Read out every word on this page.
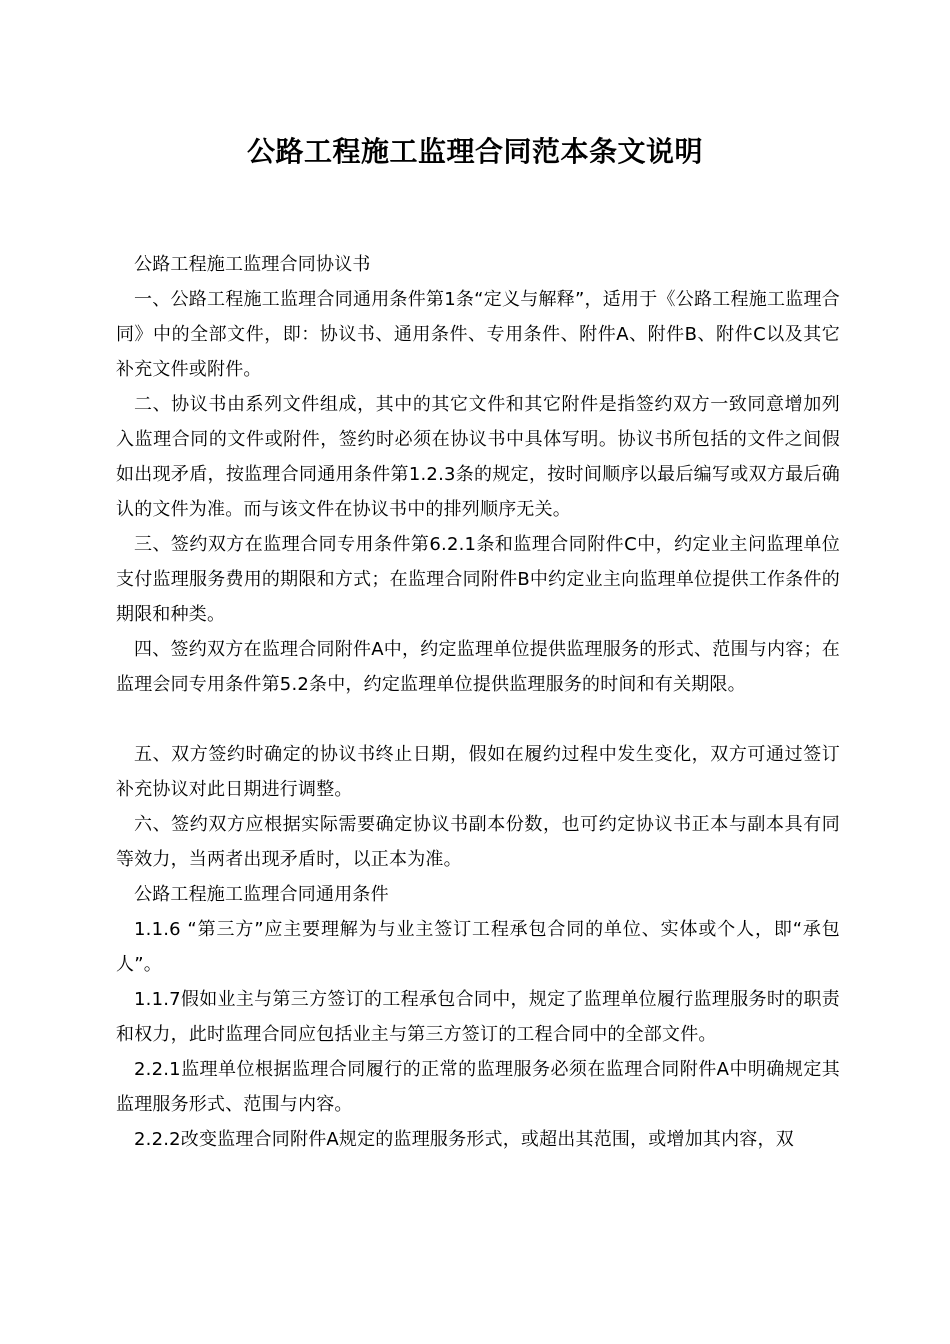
公路工程施工监理合同范本条文说明

公路工程施工监理合同协议书

一、公路工程施工监理合同通用条件第1条“定义与解释”，适用于《公路工程施工监理合同》中的全部文件，即：协议书、通用条件、专用条件、附件A、附件B、附件C以及其它补充文件或附件。

二、协议书由系列文件组成，其中的其它文件和其它附件是指签约双方一致同意增加列入监理合同的文件或附件，签约时必须在协议书中具体写明。协议书所包括的文件之间假如出现矛盾，按监理合同通用条件第1.2.3条的规定，按时间顺序以最后编写或双方最后确认的文件为准。而与该文件在协议书中的排列顺序无关。

三、签约双方在监理合同专用条件第6.2.1条和监理合同附件C中，约定业主问监理单位支付监理服务费用的期限和方式；在监理合同附件B中约定业主向监理单位提供工作条件的期限和种类。

四、签约双方在监理合同附件A中，约定监理单位提供监理服务的形式、范围与内容；在监理会同专用条件第5.2条中，约定监理单位提供监理服务的时间和有关期限。

五、双方签约时确定的协议书终止日期，假如在履约过程中发生变化，双方可通过签订补充协议对此日期进行调整。

六、签约双方应根据实际需要确定协议书副本份数，也可约定协议书正本与副本具有同等效力，当两者出现矛盾时，以正本为准。

公路工程施工监理合同通用条件

1.1.6 “第三方”应主要理解为与业主签订工程承包合同的单位、实体或个人，即“承包人”。

1.1.7假如业主与第三方签订的工程承包合同中，规定了监理单位履行监理服务时的职责和权力，此时监理合同应包括业主与第三方签订的工程合同中的全部文件。

2.2.1监理单位根据监理合同履行的正常的监理服务必须在监理合同附件A中明确规定其监理服务形式、范围与内容。

2.2.2改变监理合同附件A规定的监理服务形式，或超出其范围，或增加其内容，双
